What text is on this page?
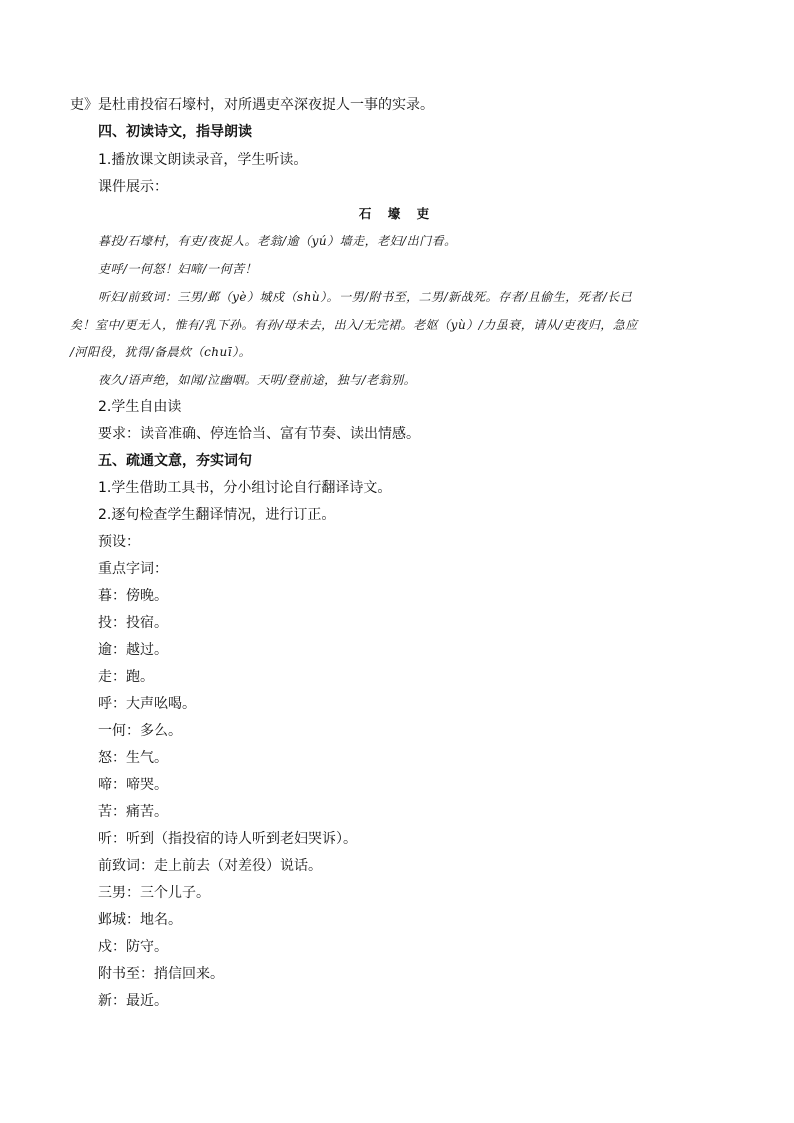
吏》是杜甫投宿石壕村，对所遇吏卒深夜捉人一事的实录。
四、初读诗文，指导朗读
1.播放课文朗读录音，学生听读。
课件展示：
石 壕 吏
暮投/石壕村，有吏/夜捉人。老翁/逾（yú）墙走，老妇/出门看。
吏呼/一何怒！妇啼/一何苦！
听妇/前致词：三男/邺（yè）城戍（shù）。一男/附书至，二男/新战死。存者/且偷生，死者/长已
矣！室中/更无人，惟有/乳下孙。有孙/母未去，出入/无完裙。老妪（yù）/力虽衰，请从/吏夜归，急应
/河阳役，犹得/备晨炊（chuī）。
夜久/语声绝，如闻/泣幽咽。天明/登前途，独与/老翁别。
2.学生自由读
要求：读音准确、停连恰当、富有节奏、读出情感。
五、疏通文意，夯实词句
1.学生借助工具书，分小组讨论自行翻译诗文。
2.逐句检查学生翻译情况，进行订正。
预设：
重点字词：
暮：傍晚。
投：投宿。
逾：越过。
走：跑。
呼：大声吆喝。
一何：多么。
怒：生气。
啼：啼哭。
苦：痛苦。
听：听到（指投宿的诗人听到老妇哭诉）。
前致词：走上前去（对差役）说话。
三男：三个儿子。
邺城：地名。
戍：防守。
附书至：捎信回来。
新：最近。
